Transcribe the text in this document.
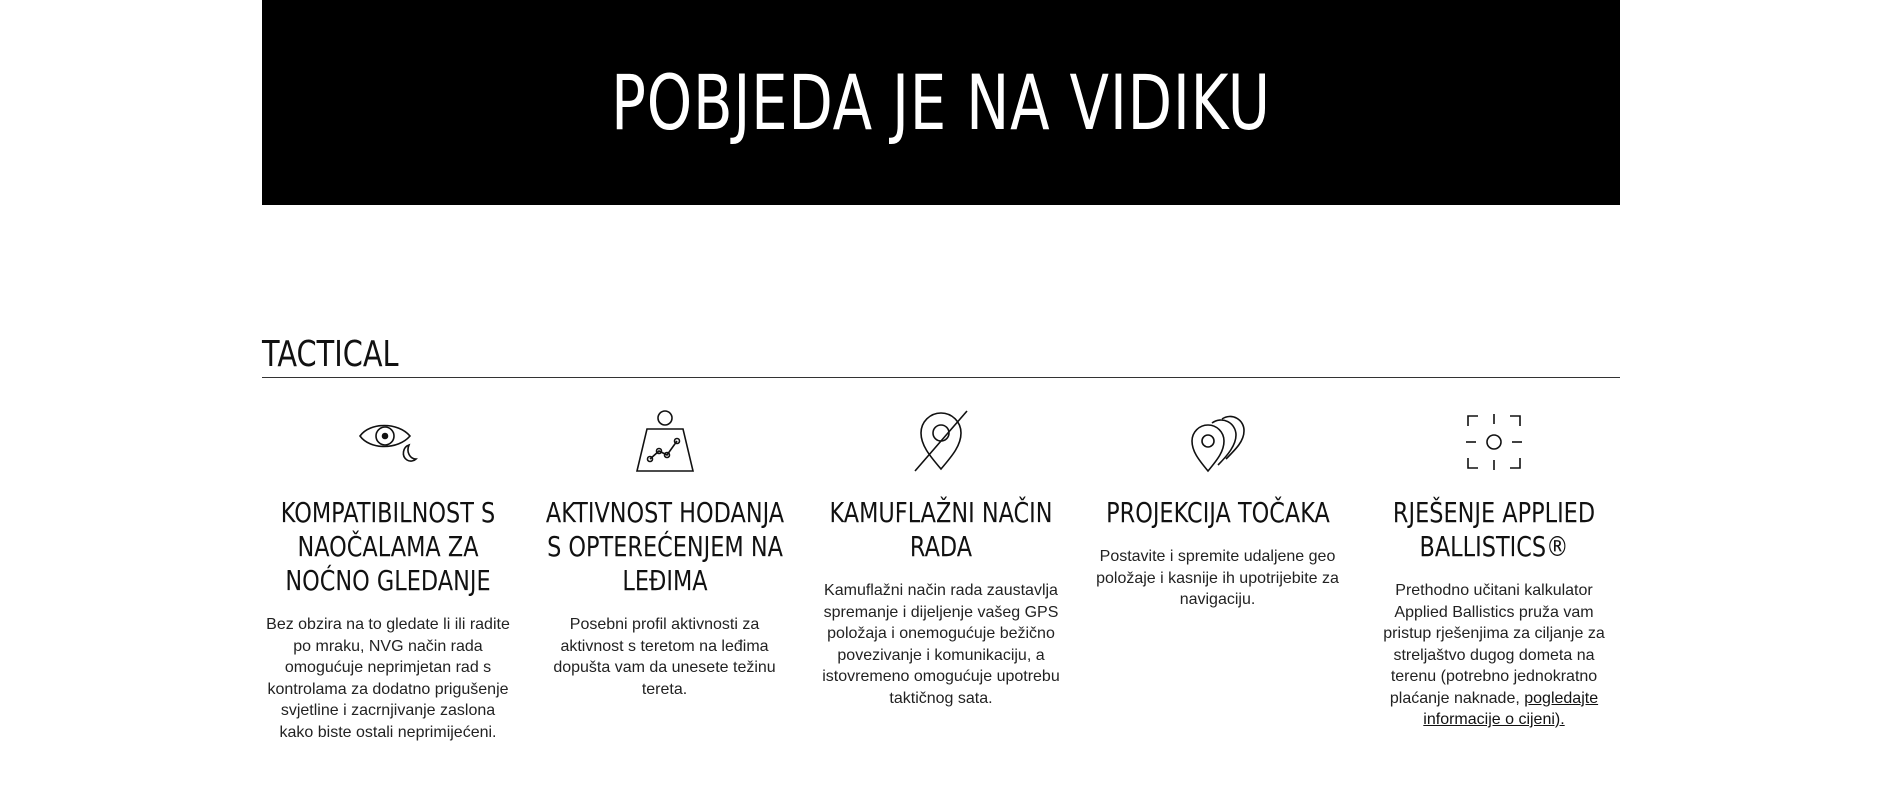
POBJEDA JE NA VIDIKU
TACTICAL
KOMPATIBILNOST S NAOČALAMA ZA NOĆNO GLEDANJE

Bez obzira na to gledate li ili radite po mraku, NVG način rada omogućuje neprimjetan rad s kontrolama za dodatno prigušenje svjetline i zacrnjivanje zaslona kako biste ostali neprimijećeni.

AKTIVNOST HODANJA S OPTEREĆENJEM NA LEĐIMA

Posebni profil aktivnosti za aktivnost s teretom na leđima dopušta vam da unesete težinu tereta.

KAMUFLAŽNI NAČIN RADA

Kamuflažni način rada zaustavlja spremanje i dijeljenje vašeg GPS položaja i onemogućuje bežično povezivanje i komunikaciju, a istovremeno omogućuje upotrebu taktičnog sata.

PROJEKCIJA TOČAKA

Postavite i spremite udaljene geo položaje i kasnije ih upotrijebite za navigaciju.

RJEŠENJE APPLIED BALLISTICS®

Prethodno učitani kalkulator Applied Ballistics pruža vam pristup rješenjima za ciljanje za streljaštvo dugog dometa na terenu (potrebno jednokratno plaćanje naknade, pogledajte informacije o cijeni).
